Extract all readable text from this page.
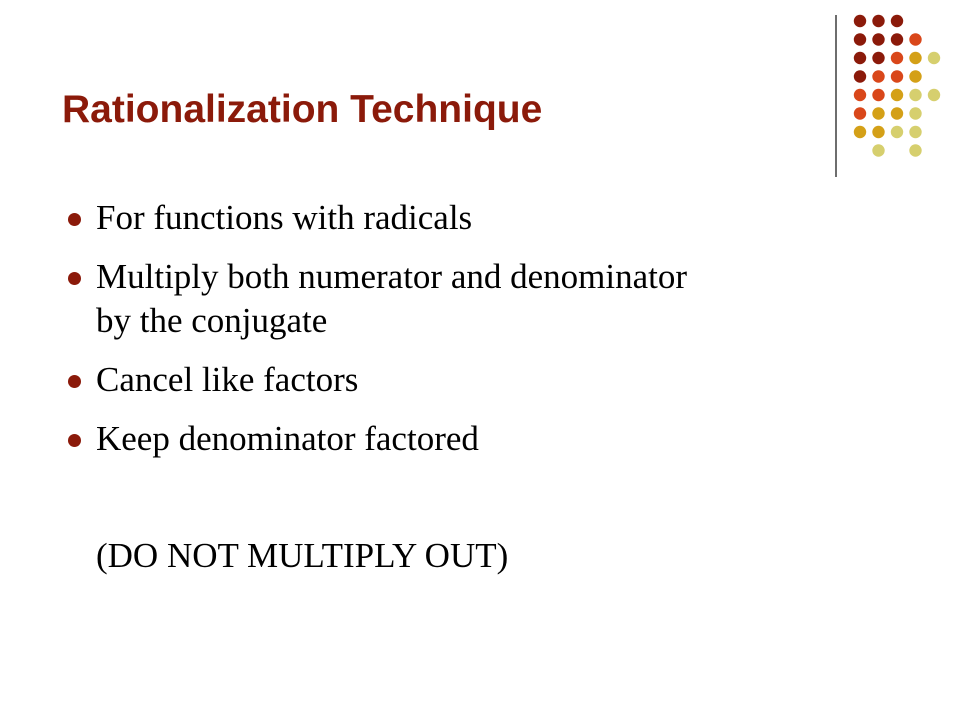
Rationalization Technique
For functions with radicals
Multiply both numerator and denominator by the conjugate
Cancel like factors
Keep denominator factored
(DO NOT MULTIPLY OUT)
